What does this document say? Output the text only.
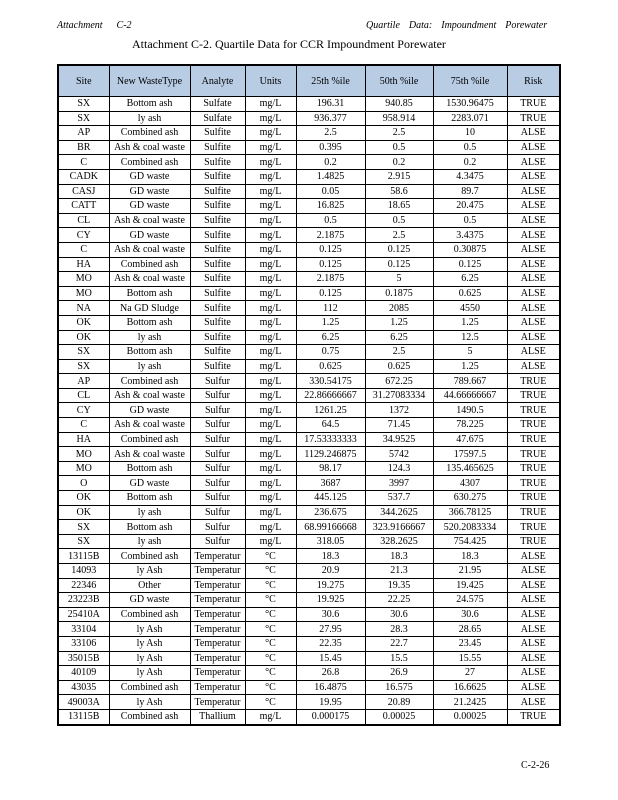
Attachment C-2	Quartile Data: Impoundment Porewater
Attachment C-2. Quartile Data for CCR Impoundment Porewater
Site	New WasteType	Analyte	Units	25th %ile	50th %ile	75th %ile	Risk
SX	Bottom ash	Sulfate	mg/L	196.31	940.85	1530.96475	TRUE
SX	ly ash	Sulfate	mg/L	936.377	958.914	2283.071	TRUE
AP	Combined ash	Sulfite	mg/L	2.5	2.5	10	ALSE
BR	Ash & coal waste	Sulfite	mg/L	0.395	0.5	0.5	ALSE
C	Combined ash	Sulfite	mg/L	0.2	0.2	0.2	ALSE
CADK	GD waste	Sulfite	mg/L	1.4825	2.915	4.3475	ALSE
CASJ	GD waste	Sulfite	mg/L	0.05	58.6	89.7	ALSE
CATT	GD waste	Sulfite	mg/L	16.825	18.65	20.475	ALSE
CL	Ash & coal waste	Sulfite	mg/L	0.5	0.5	0.5	ALSE
CY	GD waste	Sulfite	mg/L	2.1875	2.5	3.4375	ALSE
C	Ash & coal waste	Sulfite	mg/L	0.125	0.125	0.30875	ALSE
HA	Combined ash	Sulfite	mg/L	0.125	0.125	0.125	ALSE
MO	Ash & coal waste	Sulfite	mg/L	2.1875	5	6.25	ALSE
MO	Bottom ash	Sulfite	mg/L	0.125	0.1875	0.625	ALSE
NA	Na GD Sludge	Sulfite	mg/L	112	2085	4550	ALSE
OK	Bottom ash	Sulfite	mg/L	1.25	1.25	1.25	ALSE
OK	ly ash	Sulfite	mg/L	6.25	6.25	12.5	ALSE
SX	Bottom ash	Sulfite	mg/L	0.75	2.5	5	ALSE
SX	ly ash	Sulfite	mg/L	0.625	0.625	1.25	ALSE
AP	Combined ash	Sulfur	mg/L	330.54175	672.25	789.667	TRUE
CL	Ash & coal waste	Sulfur	mg/L	22.86666667	31.27083334	44.66666667	TRUE
CY	GD waste	Sulfur	mg/L	1261.25	1372	1490.5	TRUE
C	Ash & coal waste	Sulfur	mg/L	64.5	71.45	78.225	TRUE
HA	Combined ash	Sulfur	mg/L	17.53333333	34.9525	47.675	TRUE
MO	Ash & coal waste	Sulfur	mg/L	1129.246875	5742	17597.5	TRUE
MO	Bottom ash	Sulfur	mg/L	98.17	124.3	135.465625	TRUE
O	GD waste	Sulfur	mg/L	3687	3997	4307	TRUE
OK	Bottom ash	Sulfur	mg/L	445.125	537.7	630.275	TRUE
OK	ly ash	Sulfur	mg/L	236.675	344.2625	366.78125	TRUE
SX	Bottom ash	Sulfur	mg/L	68.99166668	323.9166667	520.2083334	TRUE
SX	ly ash	Sulfur	mg/L	318.05	328.2625	754.425	TRUE
13115B	Combined ash	Temperatur	°C	18.3	18.3	18.3	ALSE
14093	ly Ash	Temperatur	°C	20.9	21.3	21.95	ALSE
22346	Other	Temperatur	°C	19.275	19.35	19.425	ALSE
23223B	GD waste	Temperatur	°C	19.925	22.25	24.575	ALSE
25410A	Combined ash	Temperatur	°C	30.6	30.6	30.6	ALSE
33104	ly Ash	Temperatur	°C	27.95	28.3	28.65	ALSE
33106	ly Ash	Temperatur	°C	22.35	22.7	23.45	ALSE
35015B	ly Ash	Temperatur	°C	15.45	15.5	15.55	ALSE
40109	ly Ash	Temperatur	°C	26.8	26.9	27	ALSE
43035	Combined ash	Temperatur	°C	16.4875	16.575	16.6625	ALSE
49003A	ly Ash	Temperatur	°C	19.95	20.89	21.2425	ALSE
13115B	Combined ash	Thallium	mg/L	0.000175	0.00025	0.00025	TRUE
C-2-26
